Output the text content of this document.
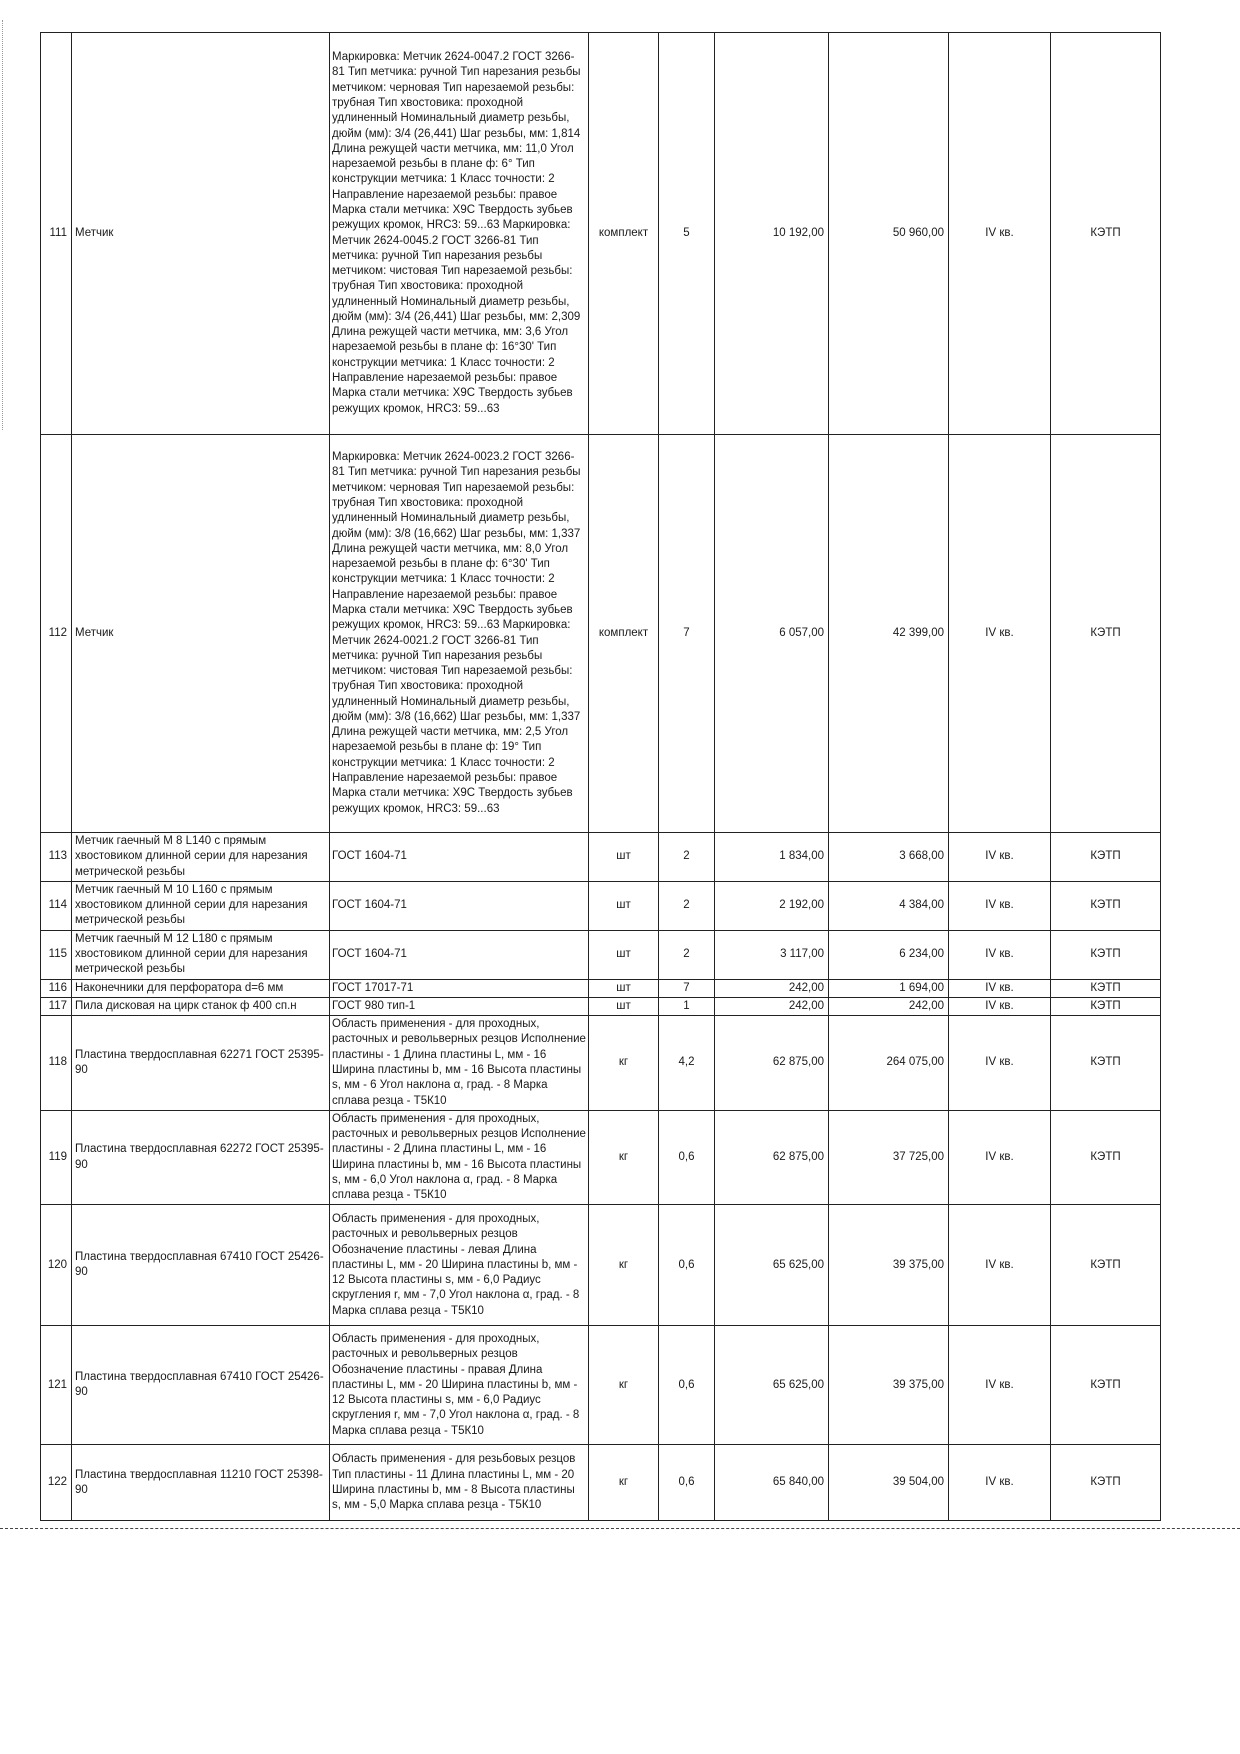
111	Метчик	Маркировка: Метчик 2624-0047.2 ГОСТ 3266-81 Тип метчика: ручной Тип нарезания резьбы метчиком: черновая Тип нарезаемой резьбы: трубная Тип хвостовика: проходной удлиненный Номинальный диаметр резьбы, дюйм (мм): 3/4 (26,441) Шаг резьбы, мм: 1,814 Длина режущей части метчика, мм: 11,0 Угол нарезаемой резьбы в плане ф: 6° Тип конструкции метчика: 1 Класс точности: 2 Направление нарезаемой резьбы: правое Марка стали метчика: Х9С Твердость зубьев режущих кромок, HRC3: 59...63 Маркировка: Метчик 2624-0045.2 ГОСТ 3266-81 Тип метчика: ручной Тип нарезания резьбы метчиком: чистовая Тип нарезаемой резьбы: трубная Тип хвостовика: проходной удлиненный Номинальный диаметр резьбы, дюйм (мм): 3/4 (26,441) Шаг резьбы, мм: 2,309 Длина режущей части метчика, мм: 3,6 Угол нарезаемой резьбы в плане ф: 16°30' Тип конструкции метчика: 1 Класс точности: 2 Направление нарезаемой резьбы: правое Марка стали метчика: Х9С Твердость зубьев режущих кромок, HRC3: 59...63	комплект	5	10 192,00	50 960,00	IV кв.	КЭТП
112	Метчик	Маркировка: Метчик 2624-0023.2 ГОСТ 3266-81 Тип метчика: ручной Тип нарезания резьбы метчиком: черновая Тип нарезаемой резьбы: трубная Тип хвостовика: проходной удлиненный Номинальный диаметр резьбы, дюйм (мм): 3/8 (16,662) Шаг резьбы, мм: 1,337 Длина режущей части метчика, мм: 8,0 Угол нарезаемой резьбы в плане ф: 6°30' Тип конструкции метчика: 1 Класс точности: 2 Направление нарезаемой резьбы: правое Марка стали метчика: Х9С Твердость зубьев режущих кромок, HRC3: 59...63 Маркировка: Метчик 2624-0021.2 ГОСТ 3266-81 Тип метчика: ручной Тип нарезания резьбы метчиком: чистовая Тип нарезаемой резьбы: трубная Тип хвостовика: проходной удлиненный Номинальный диаметр резьбы, дюйм (мм): 3/8 (16,662) Шаг резьбы, мм: 1,337 Длина режущей части метчика, мм: 2,5 Угол нарезаемой резьбы в плане ф: 19° Тип конструкции метчика: 1 Класс точности: 2 Направление нарезаемой резьбы: правое Марка стали метчика: Х9С Твердость зубьев режущих кромок, HRC3: 59...63	комплект	7	6 057,00	42 399,00	IV кв.	КЭТП
113	Метчик гаечный М 8 L140 с прямым хвостовиком длинной серии для нарезания метрической резьбы	ГОСТ 1604-71	шт	2	1 834,00	3 668,00	IV кв.	КЭТП
114	Метчик гаечный М 10 L160 с прямым хвостовиком длинной серии для нарезания метрической резьбы	ГОСТ 1604-71	шт	2	2 192,00	4 384,00	IV кв.	КЭТП
115	Метчик гаечный М 12 L180 с прямым хвостовиком длинной серии для нарезания метрической резьбы	ГОСТ 1604-71	шт	2	3 117,00	6 234,00	IV кв.	КЭТП
116	Наконечники для перфоратора d=6 мм	ГОСТ 17017-71	шт	7	242,00	1 694,00	IV кв.	КЭТП
117	Пила дисковая на цирк станок ф 400 сп.н	ГОСТ 980 тип-1	шт	1	242,00	242,00	IV кв.	КЭТП
118	Пластина твердосплавная 62271 ГОСТ 25395-90	Область применения - для проходных, расточных и револьверных резцов Исполнение пластины - 1 Длина пластины L, мм - 16 Ширина пластины b, мм - 16 Высота пластины s, мм - 6 Угол наклона α, град. - 8 Марка сплава резца - Т5К10	кг	4,2	62 875,00	264 075,00	IV кв.	КЭТП
119	Пластина твердосплавная 62272 ГОСТ 25395-90	Область применения - для проходных, расточных и револьверных резцов Исполнение пластины - 2 Длина пластины L, мм - 16 Ширина пластины b, мм - 16 Высота пластины s, мм - 6,0 Угол наклона α, град. - 8 Марка сплава резца - Т5К10	кг	0,6	62 875,00	37 725,00	IV кв.	КЭТП
120	Пластина твердосплавная 67410 ГОСТ 25426-90	Область применения - для проходных, расточных и револьверных резцов Обозначение пластины - левая Длина пластины L, мм - 20 Ширина пластины b, мм - 12 Высота пластины s, мм - 6,0 Радиус скругления r, мм - 7,0 Угол наклона α, град. - 8 Марка сплава резца - Т5К10	кг	0,6	65 625,00	39 375,00	IV кв.	КЭТП
121	Пластина твердосплавная 67410 ГОСТ 25426-90	Область применения - для проходных, расточных и револьверных резцов Обозначение пластины - правая Длина пластины L, мм - 20 Ширина пластины b, мм - 12 Высота пластины s, мм - 6,0 Радиус скругления r, мм - 7,0 Угол наклона α, град. - 8 Марка сплава резца - Т5К10	кг	0,6	65 625,00	39 375,00	IV кв.	КЭТП
122	Пластина твердосплавная 11210 ГОСТ 25398-90	Область применения - для резьбовых резцов Тип пластины - 11 Длина пластины L, мм - 20 Ширина пластины b, мм - 8 Высота пластины s, мм - 5,0 Марка сплава резца - Т5К10	кг	0,6	65 840,00	39 504,00	IV кв.	КЭТП
